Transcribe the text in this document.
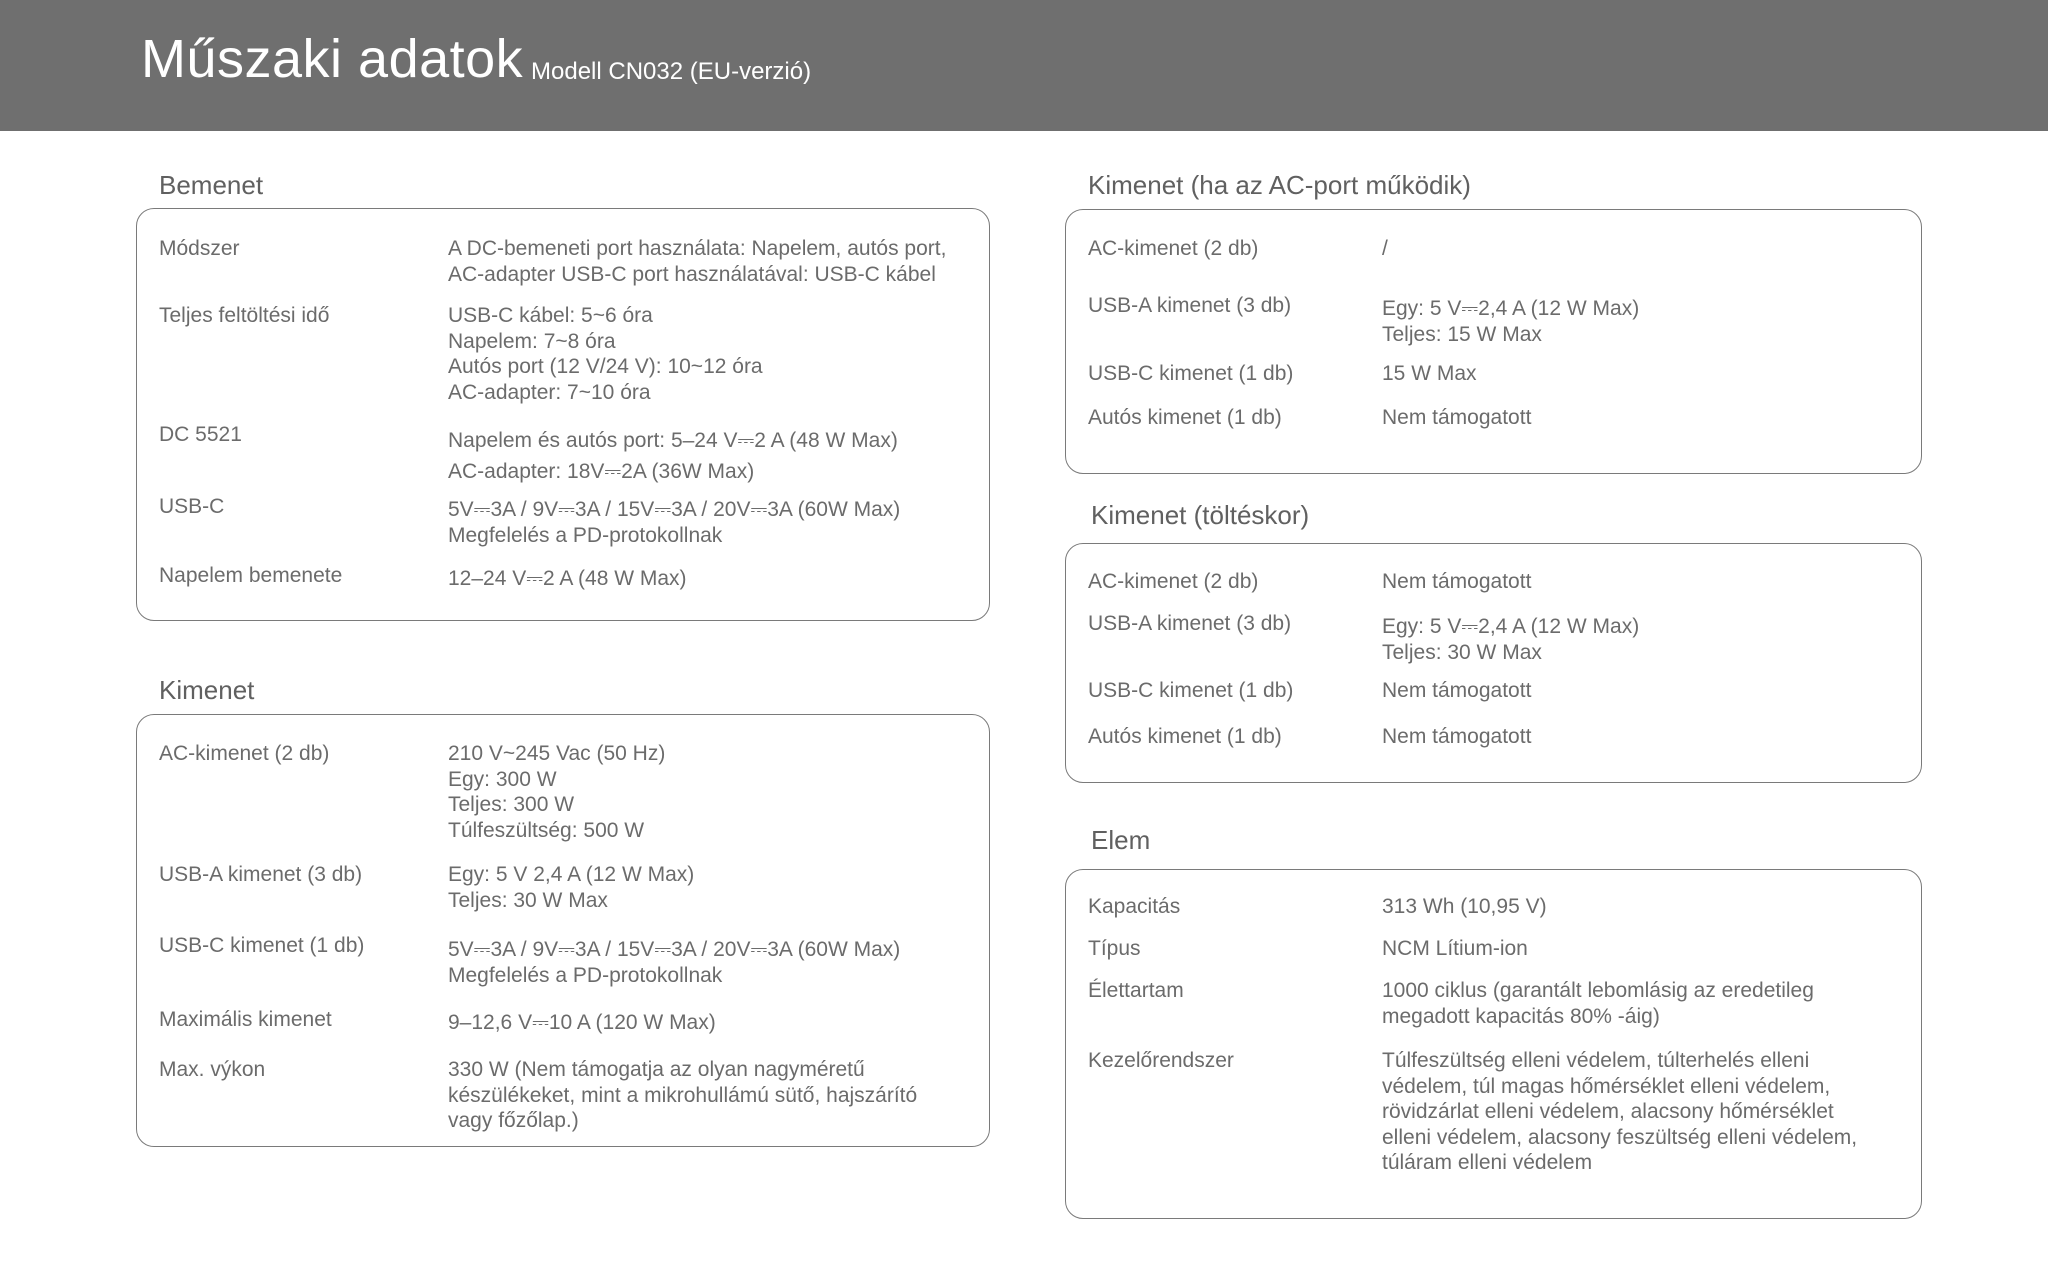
Műszaki adatok Modell CN032 (EU-verzió)
Bemenet
Módszer	A DC-bemeneti port használata: Napelem, autós port,
AC-adapter USB-C port használatával: USB-C kábel
Teljes feltöltési idő	USB-C kábel: 5~6 óra
Napelem: 7~8 óra
Autós port (12 V/24 V): 10~12 óra
AC-adapter: 7~10 óra
DC 5521	Napelem és autós port: 5–24 V⎓2 A (48 W Max)
AC-adapter: 18V⎓2A (36W Max)
USB-C	5V⎓3A / 9V⎓3A / 15V⎓3A / 20V⎓3A (60W Max)
Megfelelés a PD-protokollnak
Napelem bemenete	12–24 V⎓2 A (48 W Max)
Kimenet
AC-kimenet (2 db)	210 V~245 Vac (50 Hz)
Egy: 300 W
Teljes: 300 W
Túlfeszültség: 500 W
USB-A kimenet (3 db)	Egy: 5 V 2,4 A (12 W Max)
Teljes: 30 W Max
USB-C kimenet (1 db)	5V⎓3A / 9V⎓3A / 15V⎓3A / 20V⎓3A (60W Max)
Megfelelés a PD-protokollnak
Maximális kimenet	9–12,6 V⎓10 A (120 W Max)
Max. výkon	330 W (Nem támogatja az olyan nagyméretű
készülékeket, mint a mikrohullámú sütő, hajszárító
vagy főzőlap.)
Kimenet (ha az AC-port működik)
AC-kimenet (2 db)	/
USB-A kimenet (3 db)	Egy: 5 V⎓2,4 A (12 W Max)
Teljes: 15 W Max
USB-C kimenet (1 db)	15 W Max
Autós kimenet (1 db)	Nem támogatott
Kimenet (töltéskor)
AC-kimenet (2 db)	Nem támogatott
USB-A kimenet (3 db)	Egy: 5 V⎓2,4 A (12 W Max)
Teljes: 30 W Max
USB-C kimenet (1 db)	Nem támogatott
Autós kimenet (1 db)	Nem támogatott
Elem
Kapacitás	313 Wh (10,95 V)
Típus	NCM Lítium-ion
Élettartam	1000 ciklus (garantált lebomlásig az eredetileg
megadott kapacitás 80% -áig)
Kezelőrendszer	Túlfeszültség elleni védelem, túlterhelés elleni
védelem, túl magas hőmérséklet elleni védelem,
rövidzárlat elleni védelem, alacsony hőmérséklet
elleni védelem, alacsony feszültség elleni védelem,
túláram elleni védelem
